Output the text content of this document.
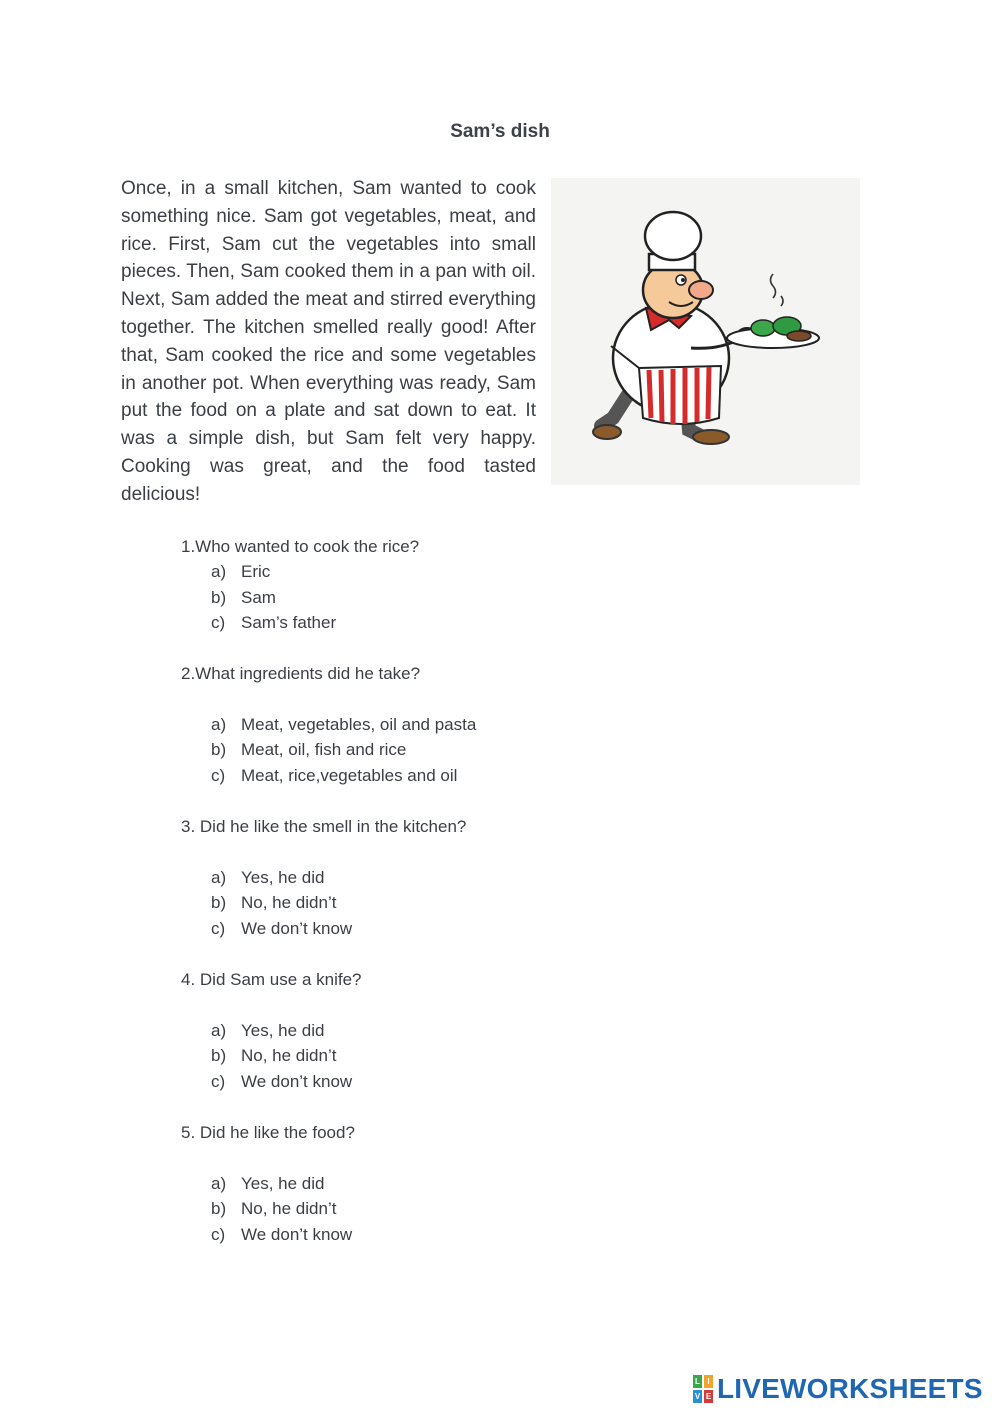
Sam’s dish
Once, in a small kitchen, Sam wanted to cook something nice. Sam got vegetables, meat, and rice. First, Sam cut the vegetables into small pieces. Then, Sam cooked them in a pan with oil. Next, Sam added the meat and stirred everything together. The kitchen smelled really good! After that, Sam cooked the rice and some vegetables in another pot. When everything was ready, Sam put the food on a plate and sat down to eat. It was a simple dish, but Sam felt very happy. Cooking was great, and the food tasted delicious!
1.Who wanted to cook the rice?
a) Eric
b) Sam
c) Sam’s father
2.What ingredients did he take?
a) Meat, vegetables, oil and pasta
b) Meat, oil, fish and rice
c) Meat, rice,vegetables and oil
3. Did he like the smell in the kitchen?
a) Yes, he did
b) No, he didn’t
c) We don’t know
4. Did Sam use a knife?
a) Yes, he did
b) No, he didn’t
c) We don’t know
5. Did he like the food?
a) Yes, he did
b) No, he didn’t
c) We don’t know
L I
V E LIVEWORKSHEETS
